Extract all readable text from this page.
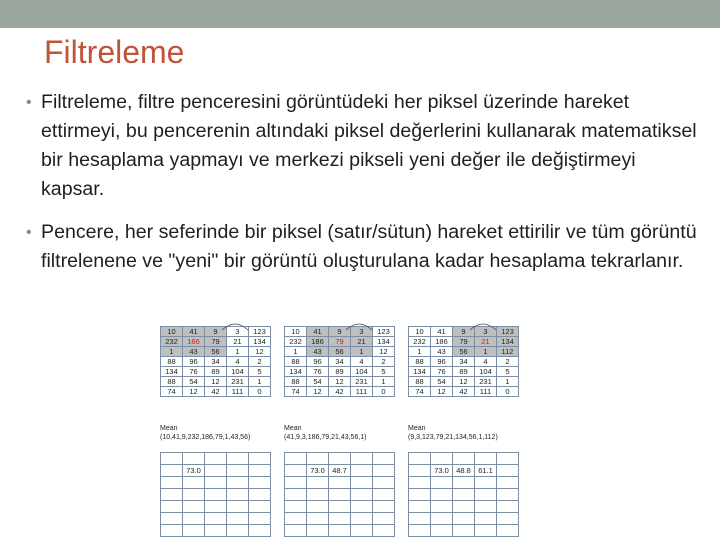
Filtreleme
• Filtreleme, filtre penceresini görüntüdeki her piksel üzerinde hareket ettirmeyi, bu pencerenin altındaki piksel değerlerini kullanarak matematiksel bir hesaplama yapmayı ve merkezi pikseli yeni değer ile değiştirmeyi kapsar.
• Pencere, her seferinde bir piksel (satır/sütun) hareket ettirilir ve tüm görüntü filtrelenene ve "yeni" bir görüntü oluşturulana kadar hesaplama tekrarlanır.
10	41	9	3	123
232	186	79	21	134
1	43	56	1	12
88	96	34	4	2
134	76	89	104	5
88	54	12	231	1
74	12	42	111	0
10	41	9	3	123
232	186	79	21	134
1	43	56	1	12
88	96	34	4	2
134	76	89	104	5
88	54	12	231	1
74	12	42	111	0
10	41	9	3	123
232	186	79	21	134
1	43	56	1	112
88	96	34	4	2
134	76	89	104	5
88	54	12	231	1
74	12	42	111	0
Mean
(10,41,9,232,186,79,1,43,56)
Mean
(41,9,3,186,79,21,43,56,1)
Mean
(9,3,123,79,21,134,56,1,112)

	73.0			

		73.0	48.7		

		73.0	48.8	61.1	
